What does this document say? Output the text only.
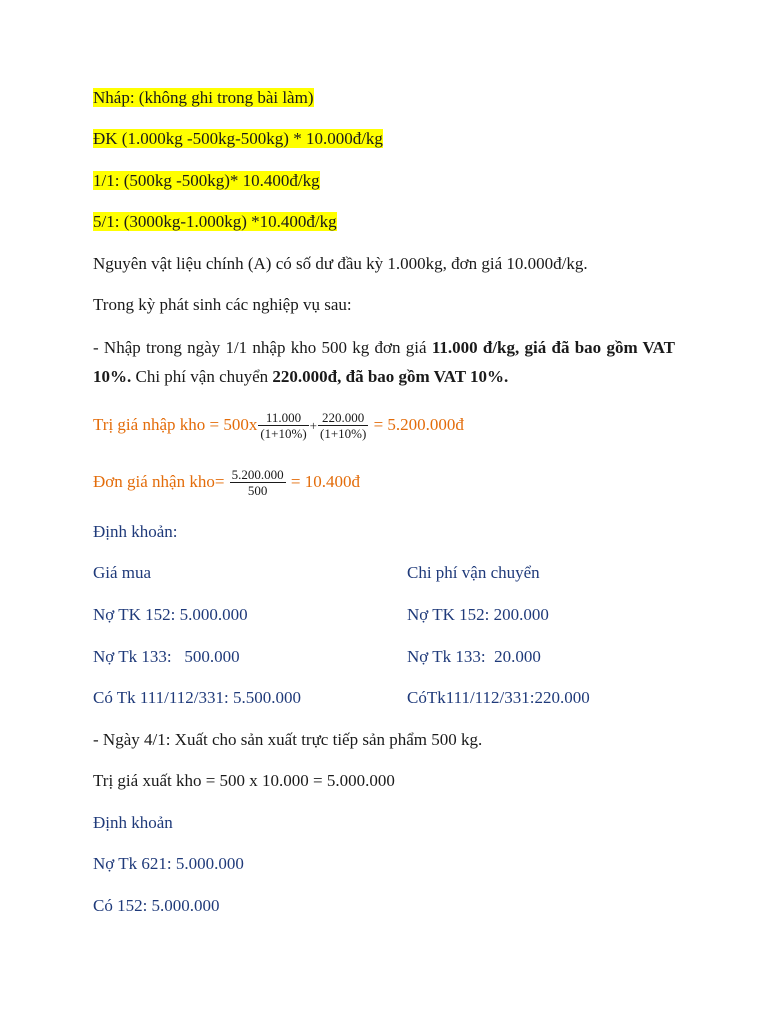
Nháp: (không ghi trong bài làm)
ĐK (1.000kg -500kg-500kg) * 10.000đ/kg
1/1: (500kg -500kg)* 10.400đ/kg
5/1: (3000kg-1.000kg) *10.400đ/kg
Nguyên vật liệu chính (A) có số dư đầu kỳ 1.000kg, đơn giá 10.000đ/kg.
Trong kỳ phát sinh các nghiệp vụ sau:
- Nhập trong ngày 1/1 nhập kho 500 kg đơn giá 11.000 đ/kg, giá đã bao gồm VAT 10%. Chi phí vận chuyển 220.000đ, đã bao gồm VAT 10%.
Trị giá nhập kho = $500x \frac{11.000}{(1+10\%)} + \frac{220.000}{(1+10\%)}$ = 5.200.000đ
Đơn giá nhận $kho= \frac{5.200.000}{500}$ = 10.400đ
Định khoản:
Giá mua	Chi phí vận chuyển
Nợ TK 152: 5.000.000	Nợ TK 152: 200.000
Nợ Tk 133:   500.000	Nợ Tk 133:  20.000
Có Tk 111/112/331: 5.500.000	CóTk111/112/331:220.000
- Ngày 4/1: Xuất cho sản xuất trực tiếp sản phẩm 500 kg.
Trị giá xuất kho = 500 x 10.000 = 5.000.000
Định khoản
Nợ Tk 621: 5.000.000
Có 152: 5.000.000
